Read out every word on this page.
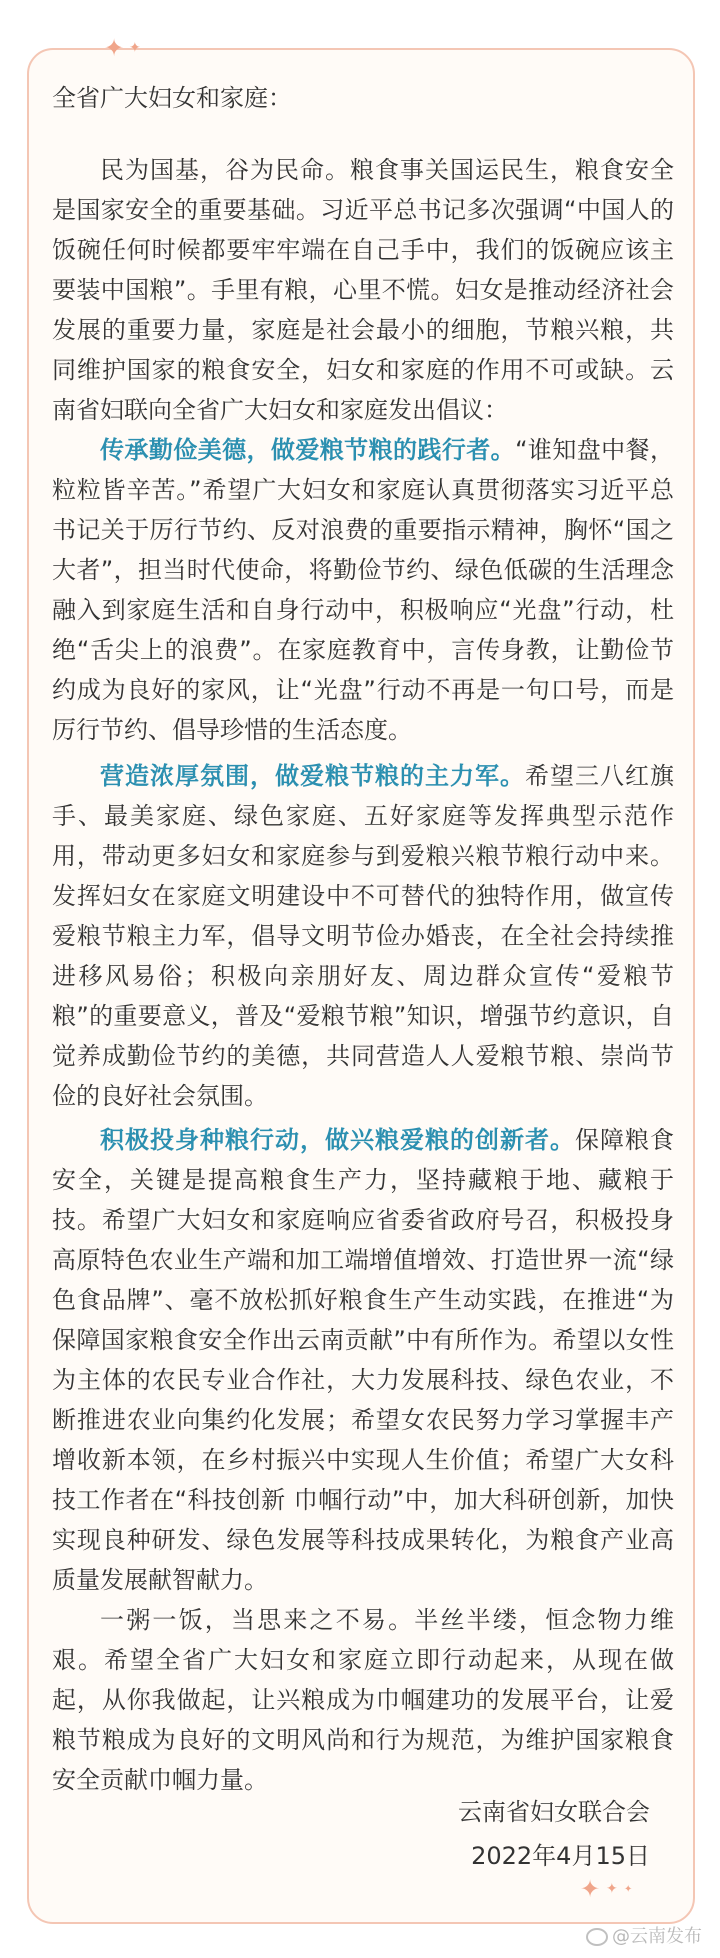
✦ ✦
✦ ✦ ✦
全省广大妇女和家庭：
民为国基，谷为民命。粮食事关国运民生，粮食安全是国家安全的重要基础。习近平总书记多次强调“中国人的饭碗任何时候都要牢牢端在自己手中，我们的饭碗应该主要装中国粮”。手里有粮，心里不慌。妇女是推动经济社会发展的重要力量，家庭是社会最小的细胞，节粮兴粮，共同维护国家的粮食安全，妇女和家庭的作用不可或缺。云南省妇联向全省广大妇女和家庭发出倡议：
传承勤俭美德，做爱粮节粮的践行者。“谁知盘中餐，粒粒皆辛苦。”希望广大妇女和家庭认真贯彻落实习近平总书记关于厉行节约、反对浪费的重要指示精神，胸怀“国之大者”，担当时代使命，将勤俭节约、绿色低碳的生活理念融入到家庭生活和自身行动中，积极响应“光盘”行动，杜绝“舌尖上的浪费”。在家庭教育中，言传身教，让勤俭节约成为良好的家风，让“光盘”行动不再是一句口号，而是厉行节约、倡导珍惜的生活态度。
营造浓厚氛围，做爱粮节粮的主力军。希望三八红旗手、最美家庭、绿色家庭、五好家庭等发挥典型示范作用，带动更多妇女和家庭参与到爱粮兴粮节粮行动中来。发挥妇女在家庭文明建设中不可替代的独特作用，做宣传爱粮节粮主力军，倡导文明节俭办婚丧，在全社会持续推进移风易俗；积极向亲朋好友、周边群众宣传“爱粮节粮”的重要意义，普及“爱粮节粮”知识，增强节约意识，自觉养成勤俭节约的美德，共同营造人人爱粮节粮、崇尚节俭的良好社会氛围。
积极投身种粮行动，做兴粮爱粮的创新者。保障粮食安全，关键是提高粮食生产力，坚持藏粮于地、藏粮于技。希望广大妇女和家庭响应省委省政府号召，积极投身高原特色农业生产端和加工端增值增效、打造世界一流“绿色食品牌”、毫不放松抓好粮食生产生动实践，在推进“为保障国家粮食安全作出云南贡献”中有所作为。希望以女性为主体的农民专业合作社，大力发展科技、绿色农业，不断推进农业向集约化发展；希望女农民努力学习掌握丰产增收新本领，在乡村振兴中实现人生价值；希望广大女科技工作者在“科技创新 巾帼行动”中，加大科研创新，加快实现良种研发、绿色发展等科技成果转化，为粮食产业高质量发展献智献力。
一粥一饭，当思来之不易。半丝半缕，恒念物力维艰。希望全省广大妇女和家庭立即行动起来，从现在做起，从你我做起，让兴粮成为巾帼建功的发展平台，让爱粮节粮成为良好的文明风尚和行为规范，为维护国家粮食安全贡献巾帼力量。
云南省妇女联合会
2022年4月15日
@云南发布
